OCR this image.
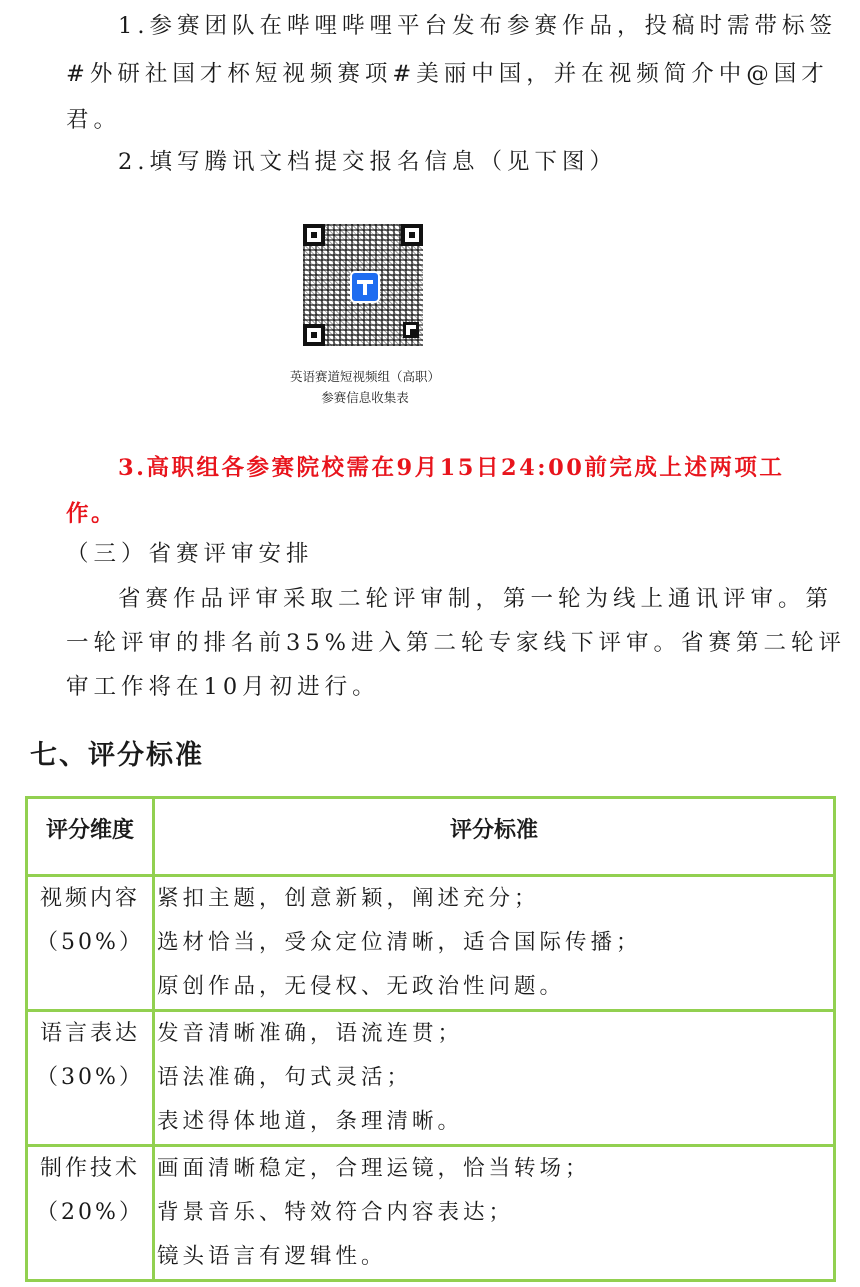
1.参赛团队在哔哩哔哩平台发布参赛作品，投稿时需带标签
#外研社国才杯短视频赛项#美丽中国，并在视频简介中@国才
君。
2.填写腾讯文档提交报名信息（见下图）
英语赛道短视频组（高职）
参赛信息收集表
3.高职组各参赛院校需在9月15日24:00前完成上述两项工
作。
（三）省赛评审安排
省赛作品评审采取二轮评审制，第一轮为线上通讯评审。第
一轮评审的排名前35%进入第二轮专家线下评审。省赛第二轮评
审工作将在10月初进行。
七、评分标准
评分维度	评分标准

视频内容
（50%）	紧扣主题，创意新颖，阐述充分；
选材恰当，受众定位清晰，适合国际传播；
原创作品，无侵权、无政治性问题。

语言表达
（30%）	发音清晰准确，语流连贯；
语法准确，句式灵活；
表述得体地道，条理清晰。

制作技术
（20%）	画面清晰稳定，合理运镜，恰当转场；
背景音乐、特效符合内容表达；
镜头语言有逻辑性。
